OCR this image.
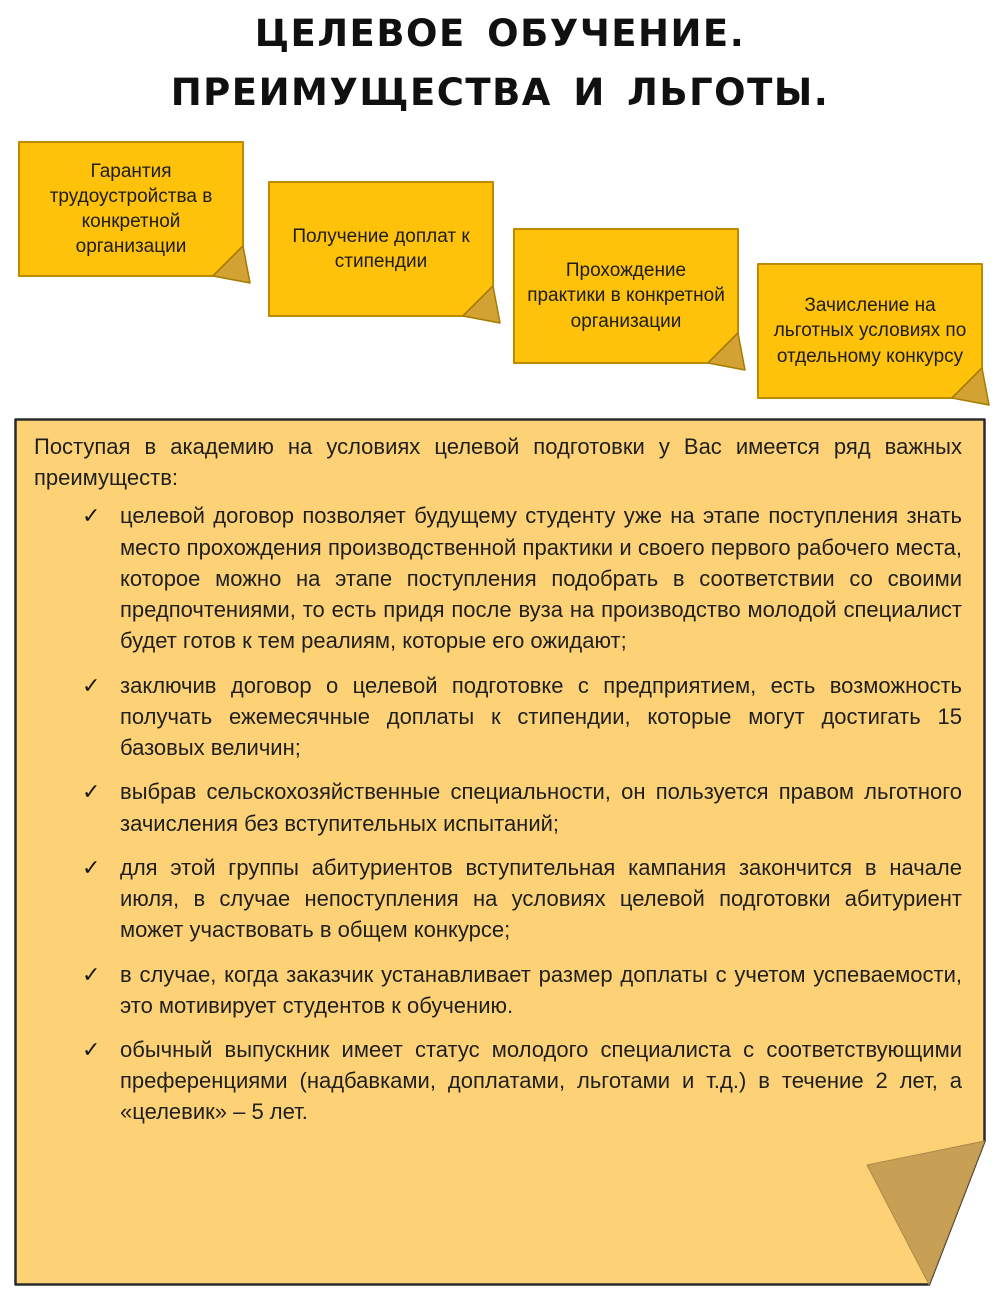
ЦЕЛЕВОЕ ОБУЧЕНИЕ.
ПРЕИМУЩЕСТВА И ЛЬГОТЫ.
Гарантия трудоустройства в конкретной организации	Получение доплат к стипендии	Прохождение практики в конкретной организации
Зачисление на льготных условиях по отдельному конкурсу

Поступая в академию на условиях целевой подготовки у Вас имеется ряд важных преимуществ:

✓ целевой договор позволяет будущему студенту уже на этапе поступления знать место прохождения производственной практики и своего первого рабочего места, которое можно на этапе поступления подобрать в соответствии со своими предпочтениями, то есть придя после вуза на производство молодой специалист будет готов к тем реалиям, которые его ожидают;
✓ заключив договор о целевой подготовке с предприятием, есть возможность получать ежемесячные доплаты к стипендии, которые могут достигать 15 базовых величин;
✓ выбрав сельскохозяйственные специальности, он пользуется правом льготного зачисления без вступительных испытаний;
✓ для этой группы абитуриентов вступительная кампания закончится в начале июля, в случае непоступления на условиях целевой подготовки абитуриент может участвовать в общем конкурсе;
✓ в случае, когда заказчик устанавливает размер доплаты с учетом успеваемости, это мотивирует студентов к обучению.
✓ обычный выпускник имеет статус молодого специалиста с соответствующими преференциями (надбавками, доплатами, льготами и т.д.) в течение 2 лет, а «целевик» – 5 лет.
